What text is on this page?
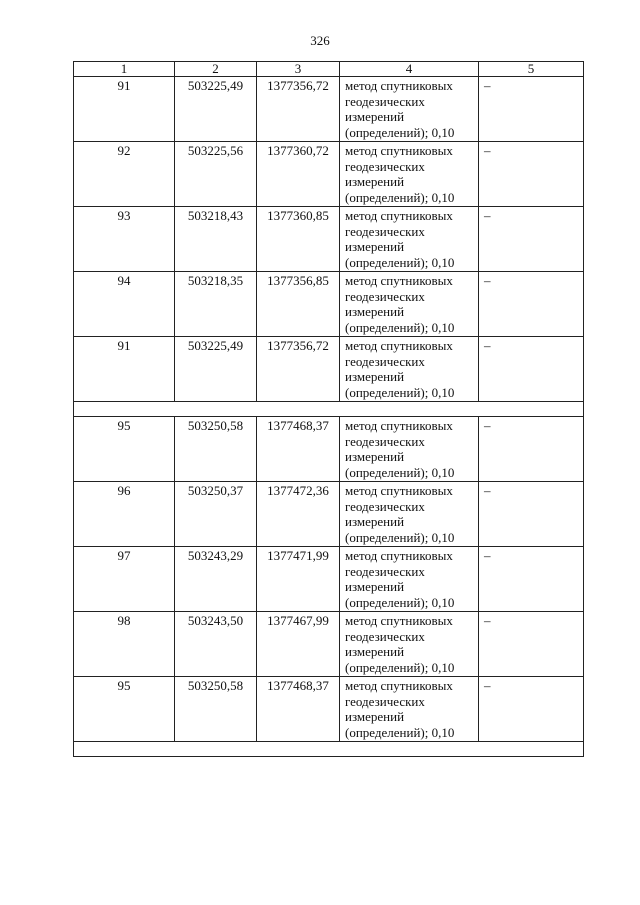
326
1	2	3	4	5
91	503225,49	1377356,72	метод спутниковых геодезических измерений (определений); 0,10	–
92	503225,56	1377360,72	метод спутниковых геодезических измерений (определений); 0,10	–
93	503218,43	1377360,85	метод спутниковых геодезических измерений (определений); 0,10	–
94	503218,35	1377356,85	метод спутниковых геодезических измерений (определений); 0,10	–
91	503225,49	1377356,72	метод спутниковых геодезических измерений (определений); 0,10	–

95	503250,58	1377468,37	метод спутниковых геодезических измерений (определений); 0,10	–
96	503250,37	1377472,36	метод спутниковых геодезических измерений (определений); 0,10	–
97	503243,29	1377471,99	метод спутниковых геодезических измерений (определений); 0,10	–
98	503243,50	1377467,99	метод спутниковых геодезических измерений (определений); 0,10	–
95	503250,58	1377468,37	метод спутниковых геодезических измерений (определений); 0,10	–
